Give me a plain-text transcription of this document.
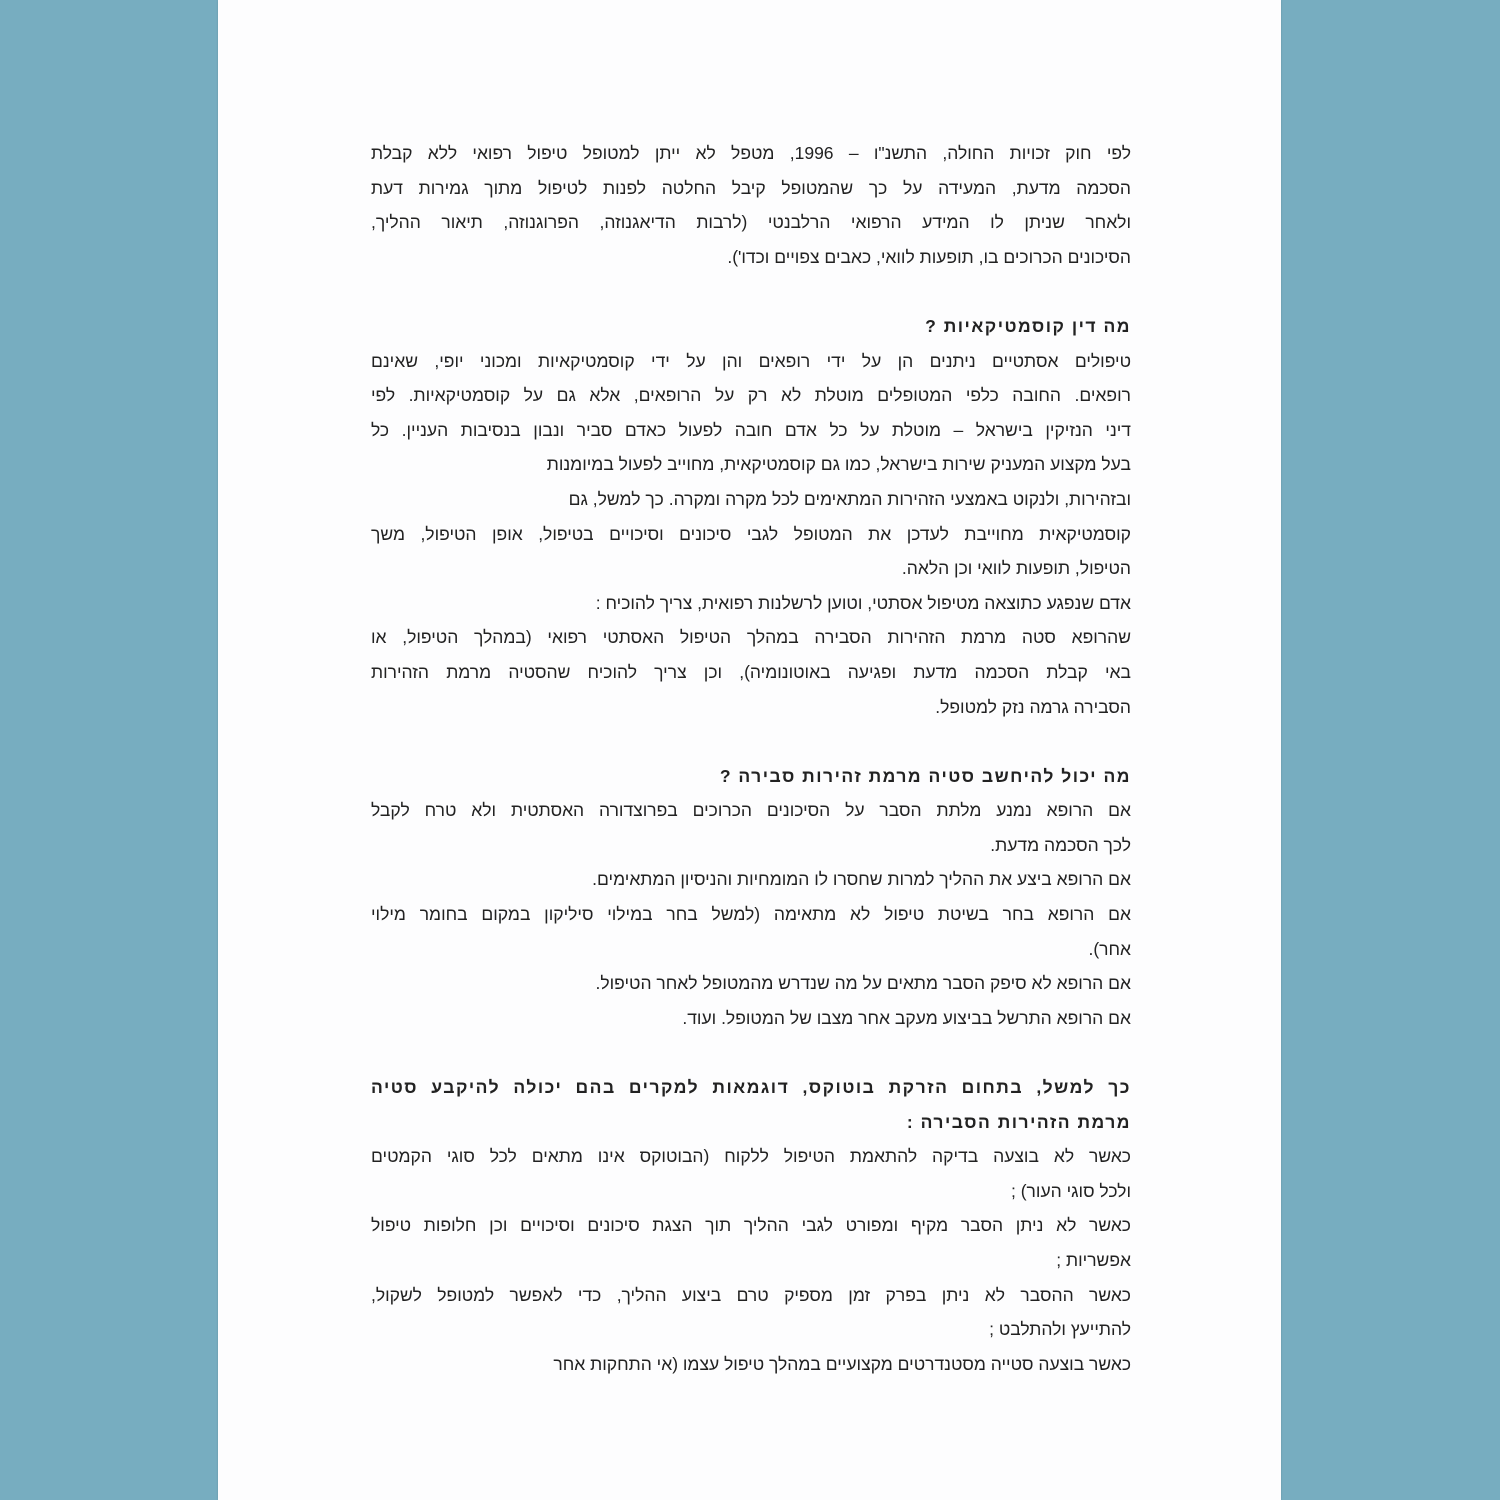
לפי חוק זכויות החולה, התשנ"ו – 1996, מטפל לא ייתן למטופל טיפול רפואי ללא קבלת
הסכמה מדעת, המעידה על כך שהמטופל קיבל החלטה לפנות לטיפול מתוך גמירות דעת
ולאחר שניתן לו המידע הרפואי הרלבנטי (לרבות הדיאגנוזה, הפרוגנוזה, תיאור ההליך,
הסיכונים הכרוכים בו, תופעות לוואי, כאבים צפויים וכדו').
מה דין קוסמטיקאיות ?
טיפולים אסתטיים ניתנים הן על ידי רופאים והן על ידי קוסמטיקאיות ומכוני יופי, שאינם
רופאים. החובה כלפי המטופלים מוטלת לא רק על הרופאים, אלא גם על קוסמטיקאיות. לפי
דיני הנזיקין בישראל – מוטלת על כל אדם חובה לפעול כאדם סביר ונבון בנסיבות העניין. כל
בעל מקצוע המעניק שירות בישראל, כמו גם קוסמטיקאית, מחוייב לפעול במיומנות
ובזהירות, ולנקוט באמצעי הזהירות המתאימים לכל מקרה ומקרה. כך למשל, גם
קוסמטיקאית מחוייבת לעדכן את המטופל לגבי סיכונים וסיכויים בטיפול, אופן הטיפול, משך
הטיפול, תופעות לוואי וכן הלאה.
אדם שנפגע כתוצאה מטיפול אסתטי, וטוען לרשלנות רפואית, צריך להוכיח :
שהרופא סטה מרמת הזהירות הסבירה במהלך הטיפול האסתטי רפואי (במהלך הטיפול, או
באי קבלת הסכמה מדעת ופגיעה באוטונומיה), וכן צריך להוכיח שהסטיה מרמת הזהירות
הסבירה גרמה נזק למטופל.
מה יכול להיחשב סטיה מרמת זהירות סבירה ?
אם הרופא נמנע מלתת הסבר על הסיכונים הכרוכים בפרוצדורה האסתטית ולא טרח לקבל
לכך הסכמה מדעת.
אם הרופא ביצע את ההליך למרות שחסרו לו המומחיות והניסיון המתאימים.
אם הרופא בחר בשיטת טיפול לא מתאימה (למשל בחר במילוי סיליקון במקום בחומר מילוי
אחר).
אם הרופא לא סיפק הסבר מתאים על מה שנדרש מהמטופל לאחר הטיפול.
אם הרופא התרשל בביצוע מעקב אחר מצבו של המטופל. ועוד.
כך למשל, בתחום הזרקת בוטוקס, דוגמאות למקרים בהם יכולה להיקבע סטיה
מרמת הזהירות הסבירה :
כאשר לא בוצעה בדיקה להתאמת הטיפול ללקוח (הבוטוקס אינו מתאים לכל סוגי הקמטים
ולכל סוגי העור) ;
כאשר לא ניתן הסבר מקיף ומפורט לגבי ההליך תוך הצגת סיכונים וסיכויים וכן חלופות טיפול
אפשריות ;
כאשר ההסבר לא ניתן בפרק זמן מספיק טרם ביצוע ההליך, כדי לאפשר למטופל לשקול,
להתייעץ ולהתלבט ;
כאשר בוצעה סטייה מסטנדרטים מקצועיים במהלך טיפול עצמו (אי התחקות אחר
